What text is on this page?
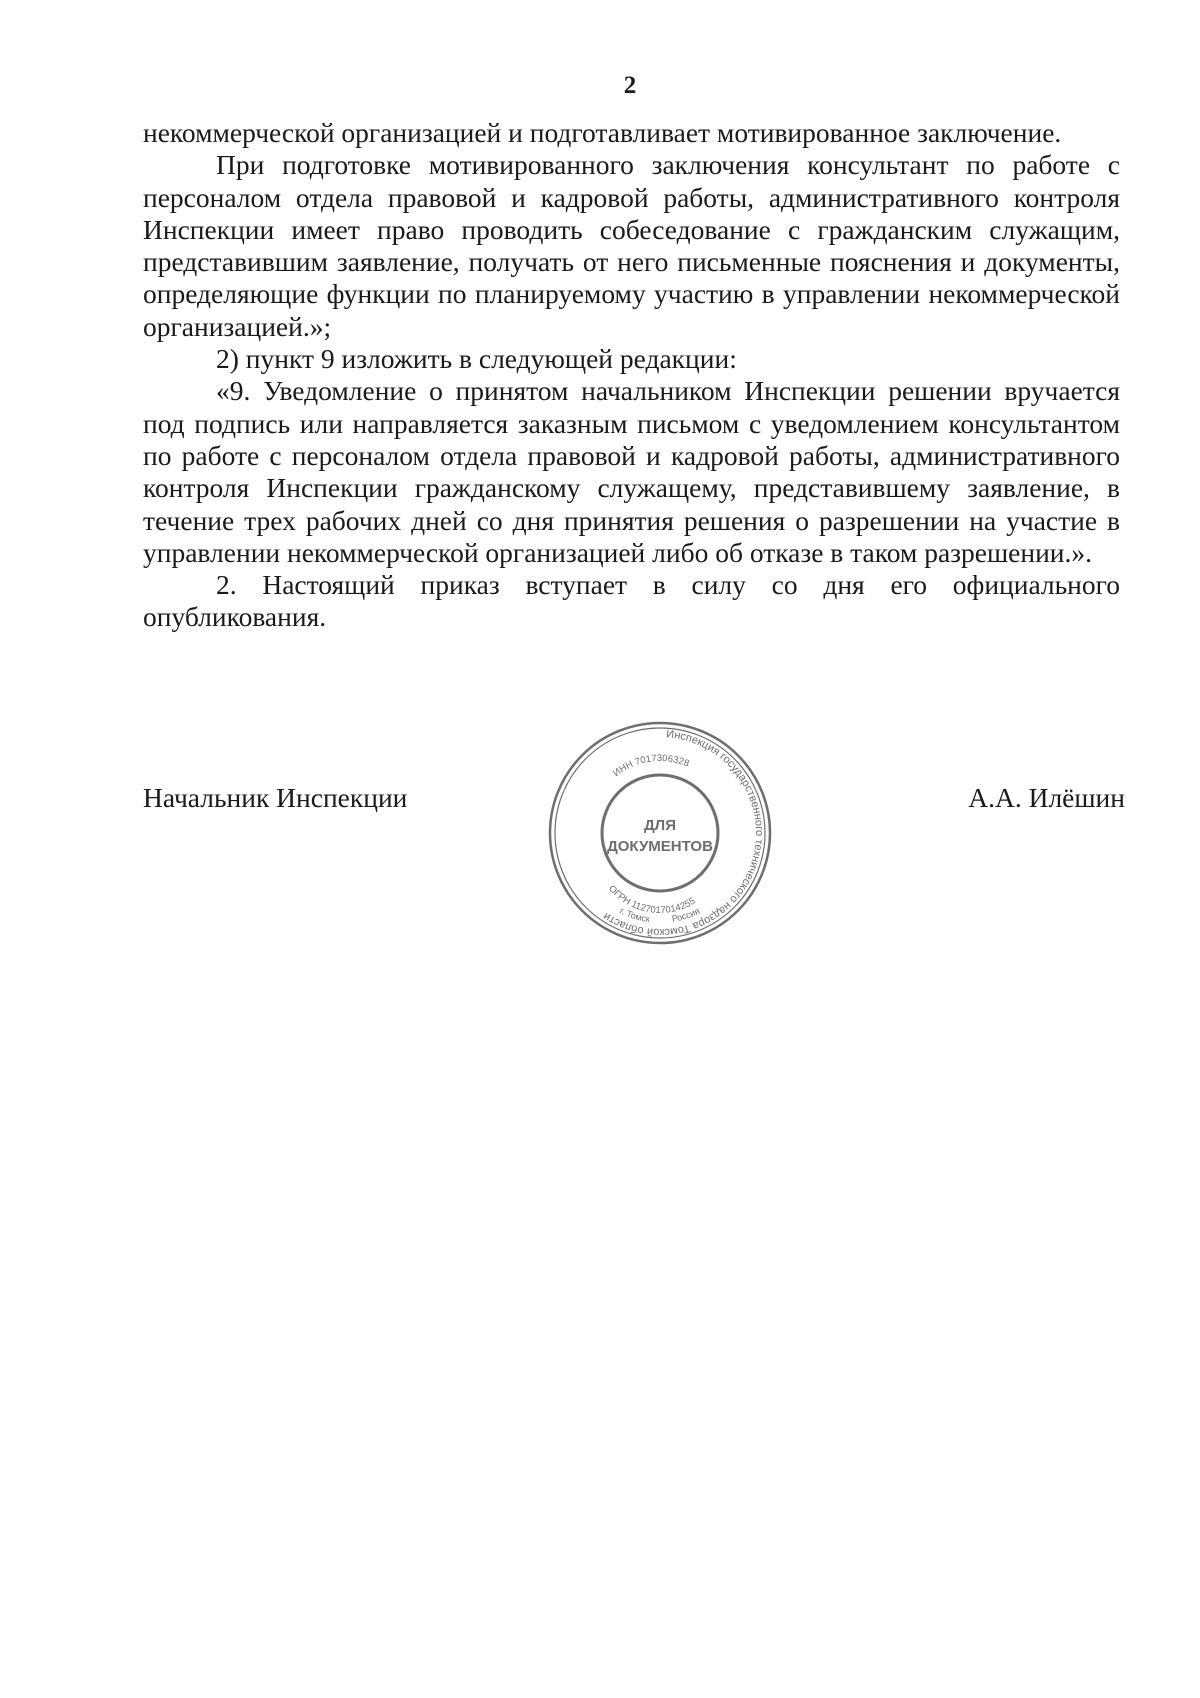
2

некоммерческой организацией и подготавливает мотивированное заключение.

При подготовке мотивированного заключения консультант по работе с персоналом отдела правовой и кадровой работы, административного контроля Инспекции имеет право проводить собеседование с гражданским служащим, представившим заявление, получать от него письменные пояснения и документы, определяющие функции по планируемому участию в управлении некоммерческой организацией.»;

2) пункт 9 изложить в следующей редакции:

«9. Уведомление о принятом начальником Инспекции решении вручается под подпись или направляется заказным письмом с уведомлением консультантом по работе с персоналом отдела правовой и кадровой работы, административного контроля Инспекции гражданскому служащему, представившему заявление, в течение трех рабочих дней со дня принятия решения о разрешении на участие в управлении некоммерческой организацией либо об отказе в таком разрешении.».

2. Настоящий приказ вступает в силу со дня его официального опубликования.

Начальник Инспекции	А.А. Илёшин
Инспекция государственного технического надзора Томской области
ИНН 7017306328
ОГРН 1127017014255
г. Томск Россия
ДЛЯ
ДОКУМЕНТОВ
